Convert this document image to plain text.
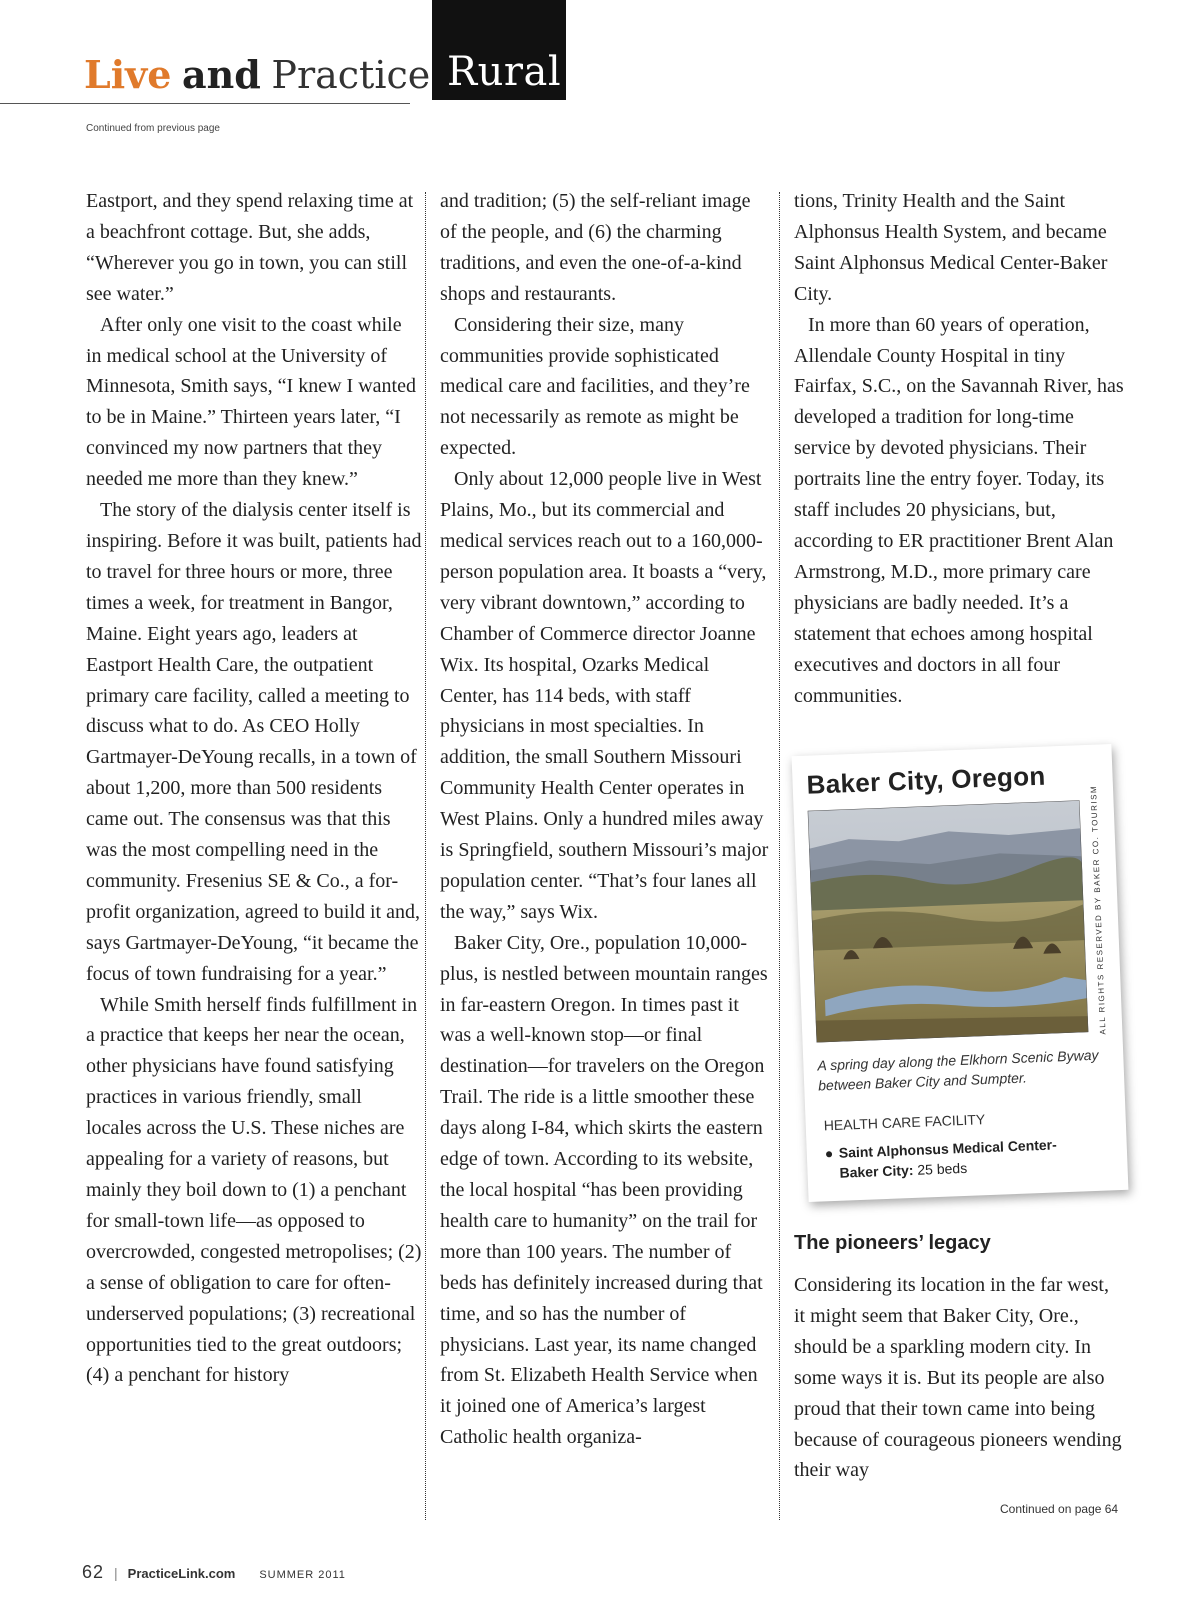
Live and Practice Rural
Continued from previous page

Eastport, and they spend relaxing time at a beachfront cottage. But, she adds, “Wherever you go in town, you can still see water.”

After only one visit to the coast while in medical school at the University of Minnesota, Smith says, “I knew I wanted to be in Maine.” Thirteen years later, “I convinced my now partners that they needed me more than they knew.”

The story of the dialysis center itself is inspiring. Before it was built, patients had to travel for three hours or more, three times a week, for treatment in Bangor, Maine. Eight years ago, leaders at Eastport Health Care, the outpatient primary care facility, called a meeting to discuss what to do. As CEO Holly Gartmayer-DeYoung recalls, in a town of about 1,200, more than 500 residents came out. The consensus was that this was the most compelling need in the community. Fresenius SE & Co., a for-profit organization, agreed to build it and, says Gartmayer-DeYoung, “it became the focus of town fundraising for a year.”

While Smith herself finds fulfillment in a practice that keeps her near the ocean, other physicians have found satisfying practices in various friendly, small locales across the U.S. These niches are appealing for a variety of reasons, but mainly they boil down to (1) a penchant for small-town life—as opposed to overcrowded, congested metropolises; (2) a sense of obligation to care for often-underserved populations; (3) recreational opportunities tied to the great outdoors; (4) a penchant for history

and tradition; (5) the self-reliant image of the people, and (6) the charming traditions, and even the one-of-a-kind shops and restaurants.

Considering their size, many communities provide sophisticated medical care and facilities, and they’re not necessarily as remote as might be expected.

Only about 12,000 people live in West Plains, Mo., but its commercial and medical services reach out to a 160,000-person population area. It boasts a “very, very vibrant downtown,” according to Chamber of Commerce director Joanne Wix. Its hospital, Ozarks Medical Center, has 114 beds, with staff physicians in most specialties. In addition, the small Southern Missouri Community Health Center operates in West Plains. Only a hundred miles away is Springfield, southern Missouri’s major population center. “That’s four lanes all the way,” says Wix.

Baker City, Ore., population 10,000-plus, is nestled between mountain ranges in far-eastern Oregon. In times past it was a well-known stop—or final destination—for travelers on the Oregon Trail. The ride is a little smoother these days along I-84, which skirts the eastern edge of town. According to its website, the local hospital “has been providing health care to humanity” on the trail for more than 100 years. The number of beds has definitely increased during that time, and so has the number of physicians. Last year, its name changed from St. Elizabeth Health Service when it joined one of America’s largest Catholic health organiza-

tions, Trinity Health and the Saint Alphonsus Health System, and became Saint Alphonsus Medical Center-Baker City.

In more than 60 years of operation, Allendale County Hospital in tiny Fairfax, S.C., on the Savannah River, has developed a tradition for long-time service by devoted physicians. Their portraits line the entry foyer. Today, its staff includes 20 physicians, but, according to ER practitioner Brent Alan Armstrong, M.D., more primary care physicians are badly needed. It’s a statement that echoes among hospital executives and doctors in all four communities.

Baker City, Oregon
ALL RIGHTS RESERVED BY BAKER CO. TOURISM
A spring day along the Elkhorn Scenic Byway between Baker City and Sumpter.
HEALTH CARE FACILITY
● Saint Alphonsus Medical Center-
Baker City: 25 beds
The pioneers’ legacy

Considering its location in the far west, it might seem that Baker City, Ore., should be a sparkling modern city. In some ways it is. But its people are also proud that their town came into being because of courageous pioneers wending their way

Continued on page 64
62 | PracticeLink.com SUMMER 2011
